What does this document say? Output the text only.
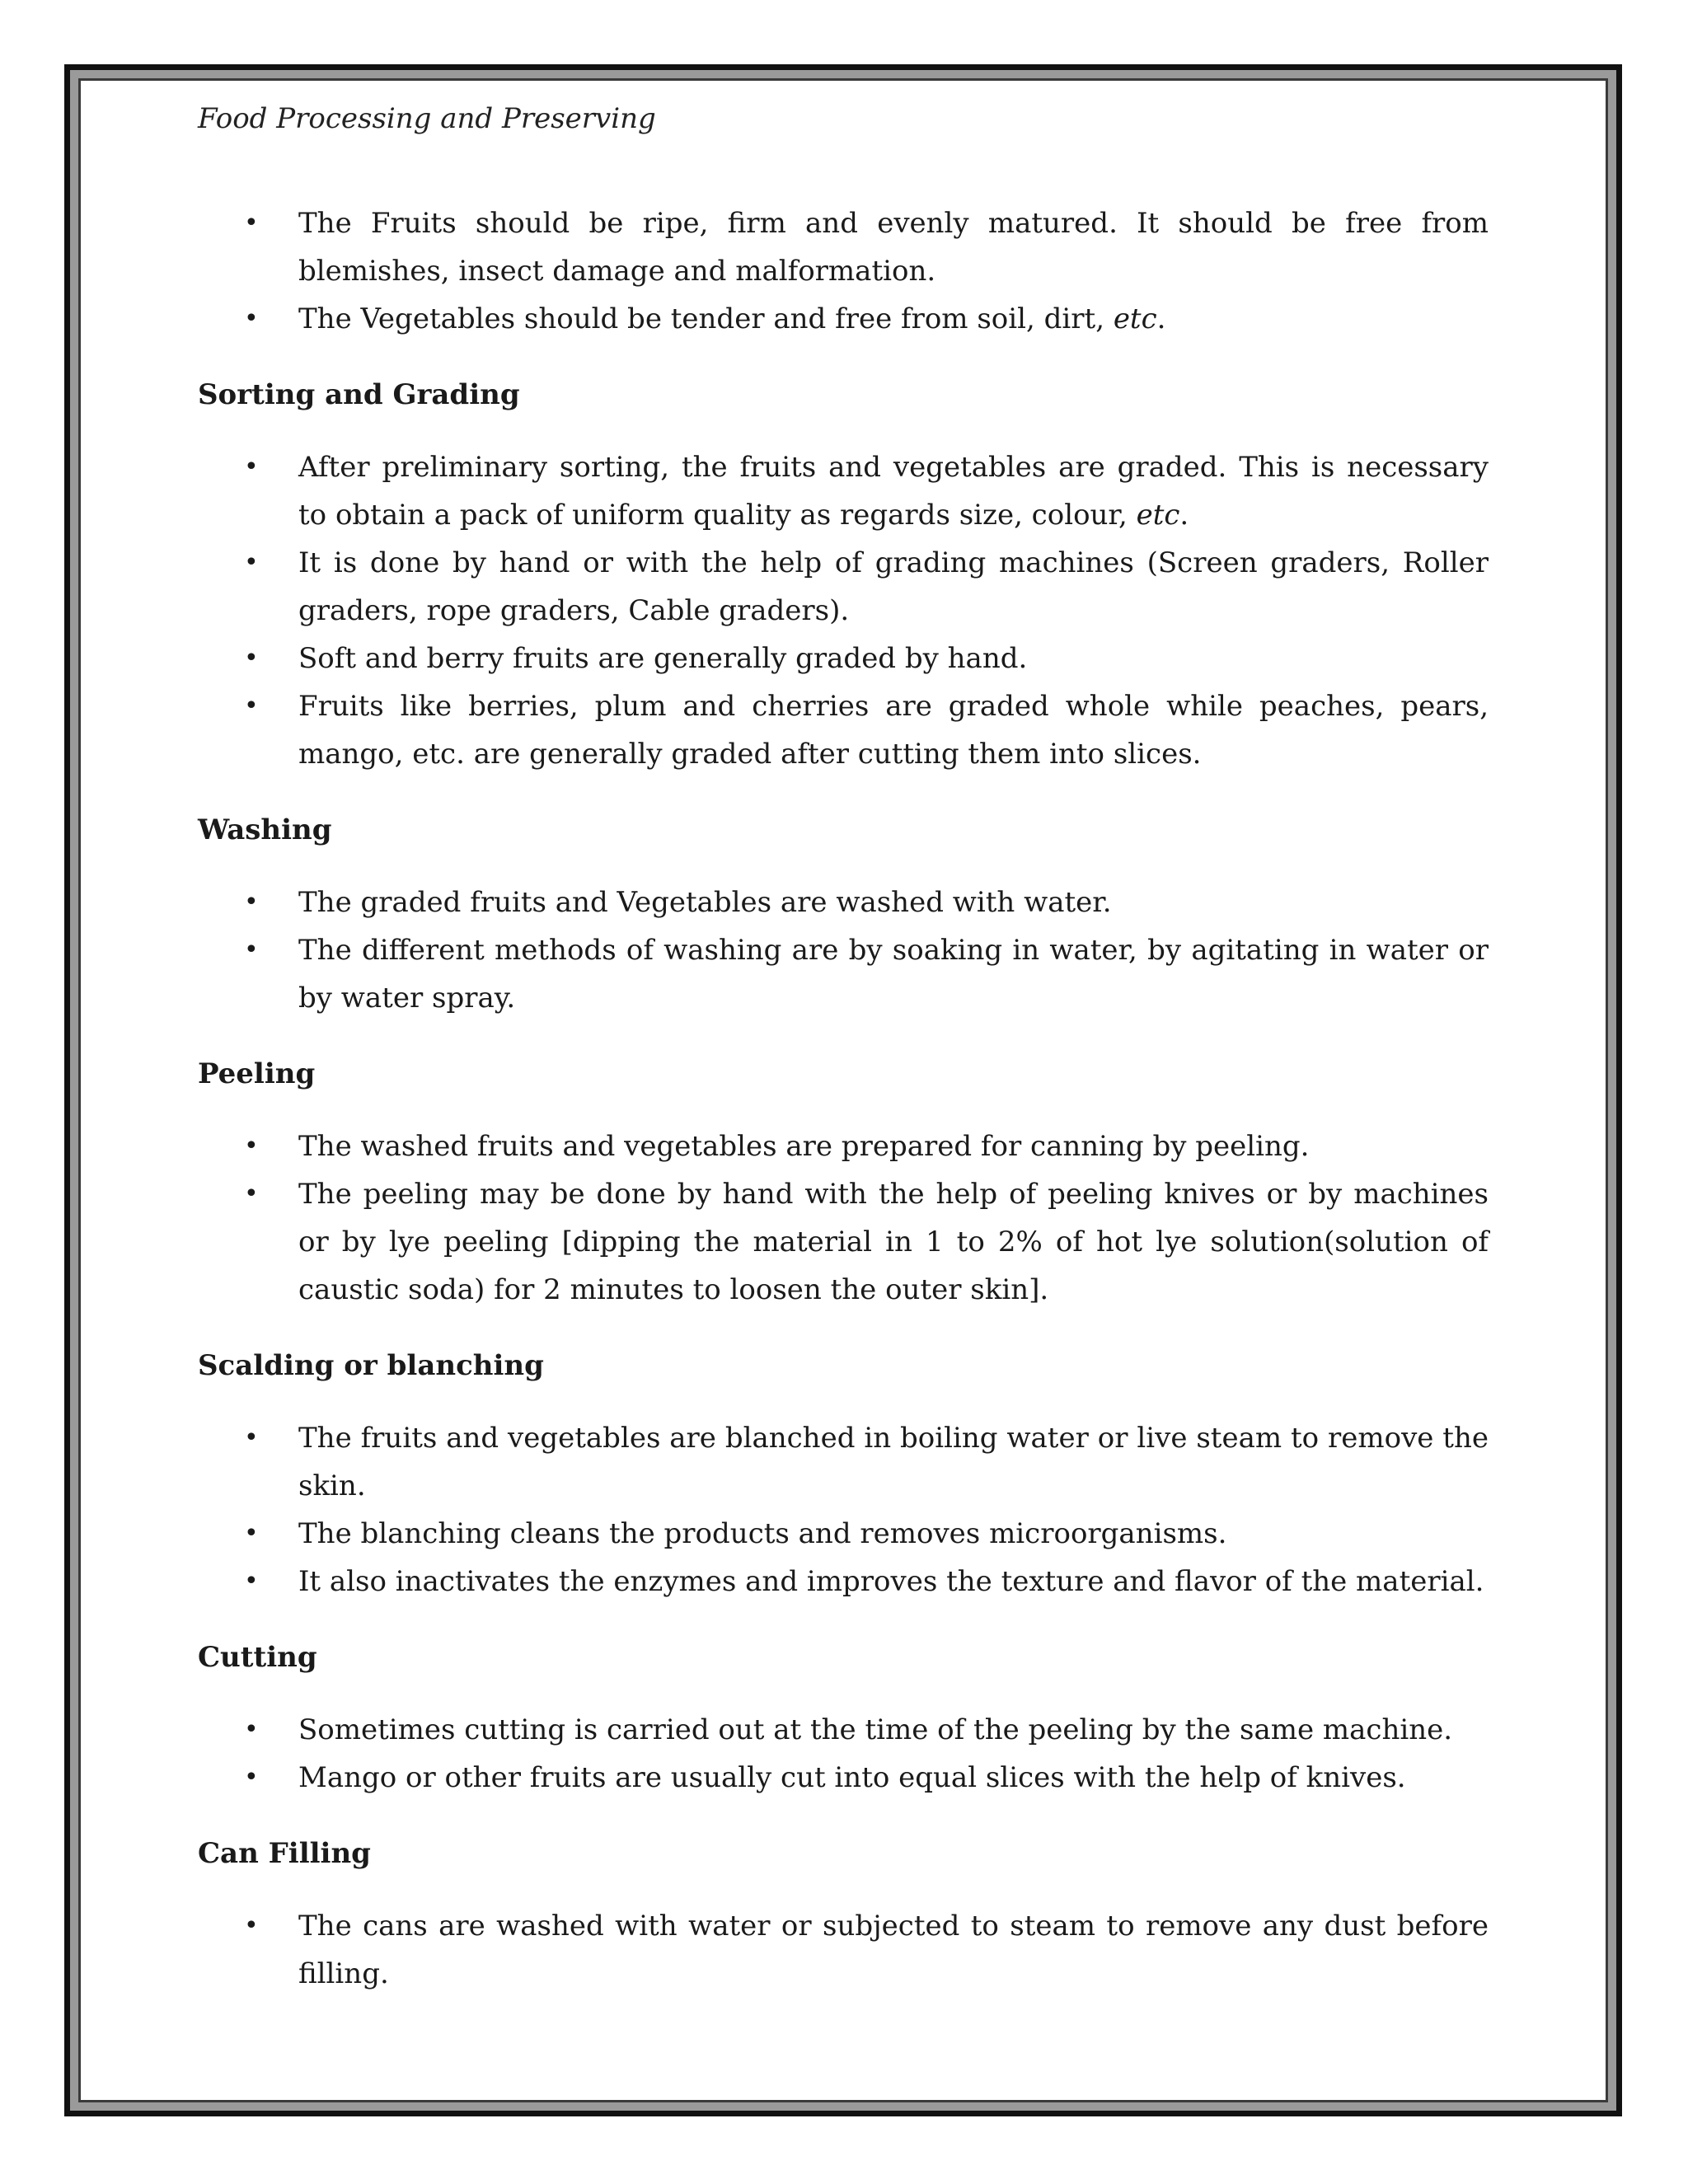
Food Processing and Preserving
• The Fruits should be ripe, firm and evenly matured. It should be free from blemishes, insect damage and malformation.
• The Vegetables should be tender and free from soil, dirt, etc.
Sorting and Grading
• After preliminary sorting, the fruits and vegetables are graded. This is necessary to obtain a pack of uniform quality as regards size, colour, etc.
• It is done by hand or with the help of grading machines (Screen graders, Roller graders, rope graders, Cable graders).
• Soft and berry fruits are generally graded by hand.
• Fruits like berries, plum and cherries are graded whole while peaches, pears, mango, etc. are generally graded after cutting them into slices.
Washing
• The graded fruits and Vegetables are washed with water.
• The different methods of washing are by soaking in water, by agitating in water or by water spray.
Peeling
• The washed fruits and vegetables are prepared for canning by peeling.
• The peeling may be done by hand with the help of peeling knives or by machines or by lye peeling [dipping the material in 1 to 2% of hot lye solution(solution of caustic soda) for 2 minutes to loosen the outer skin].
Scalding or blanching
• The fruits and vegetables are blanched in boiling water or live steam to remove the skin.
• The blanching cleans the products and removes microorganisms.
• It also inactivates the enzymes and improves the texture and flavor of the material.
Cutting
• Sometimes cutting is carried out at the time of the peeling by the same machine.
• Mango or other fruits are usually cut into equal slices with the help of knives.
Can Filling
• The cans are washed with water or subjected to steam to remove any dust before filling.
